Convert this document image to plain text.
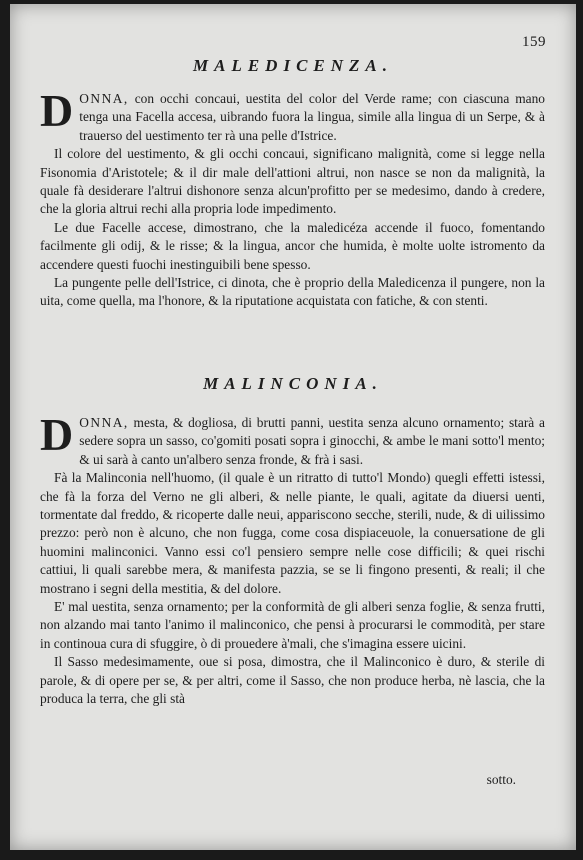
159
MALEDICENZA.

DONNA, con occhi concaui, uestita del color del Verde rame; con ciascuna mano tenga una Facella accesa, uibrando fuora la lingua, simile alla lingua di un Serpe, & à trauerso del uestimento ter rà una pelle d'Istrice.

Il colore del uestimento, & gli occhi concaui, significano malignità, come si legge nella Fisonomia d'Aristotele; & il dir male dell'attioni altrui, non nasce se non da malignità, la quale fà desiderare l'altrui dishonore senza alcun'profitto per se medesimo, dando à credere, che la gloria altrui rechi alla propria lode impedimento.

Le due Facelle accese, dimostrano, che la maledicéza accende il fuoco, fomentando facilmente gli odij, & le risse; & la lingua, ancor che humida, è molte uolte istromento da accendere questi fuochi inestinguibili bene spesso.

La pungente pelle dell'Istrice, ci dinota, che è proprio della Maledicenza il pungere, non la uita, come quella, ma l'honore, & la riputatione acquistata con fatiche, & con stenti.

MALINCONIA.

DONNA, mesta, & dogliosa, di brutti panni, uestita senza alcuno ornamento; starà a sedere sopra un sasso, co'gomiti posati sopra i ginocchi, & ambe le mani sotto'l mento; & ui sarà à canto un'albero senza fronde, & frà i sasi.

Fà la Malinconia nell'huomo, (il quale è un ritratto di tutto'l Mondo) quegli effetti istessi, che fà la forza del Verno ne gli alberi, & nelle piante, le quali, agitate da diuersi uenti, tormentate dal freddo, & ricoperte dalle neui, appariscono secche, sterili, nude, & di uilissimo prezzo: però non è alcuno, che non fugga, come cosa dispiaceuole, la conuersatione de gli huomini malinconici. Vanno essi co'l pensiero sempre nelle cose difficili; & quei rischi cattiui, li quali sarebbe mera, & manifesta pazzia, se se li fingono presenti, & reali; il che mostrano i segni della mestitia, & del dolore.

E' mal uestita, senza ornamento; per la conformità de gli alberi senza foglie, & senza frutti, non alzando mai tanto l'animo il malinconico, che pensi à procurarsi le commodità, per stare in continoua cura di sfuggire, ò di prouedere à'mali, che s'imagina essere uicini.

Il Sasso medesimamente, oue si posa, dimostra, che il Malinconico è duro, & sterile di parole, & di opere per se, & per altri, come il Sasso, che non produce herba, nè lascia, che la produca la terra, che gli stà

sotto.
